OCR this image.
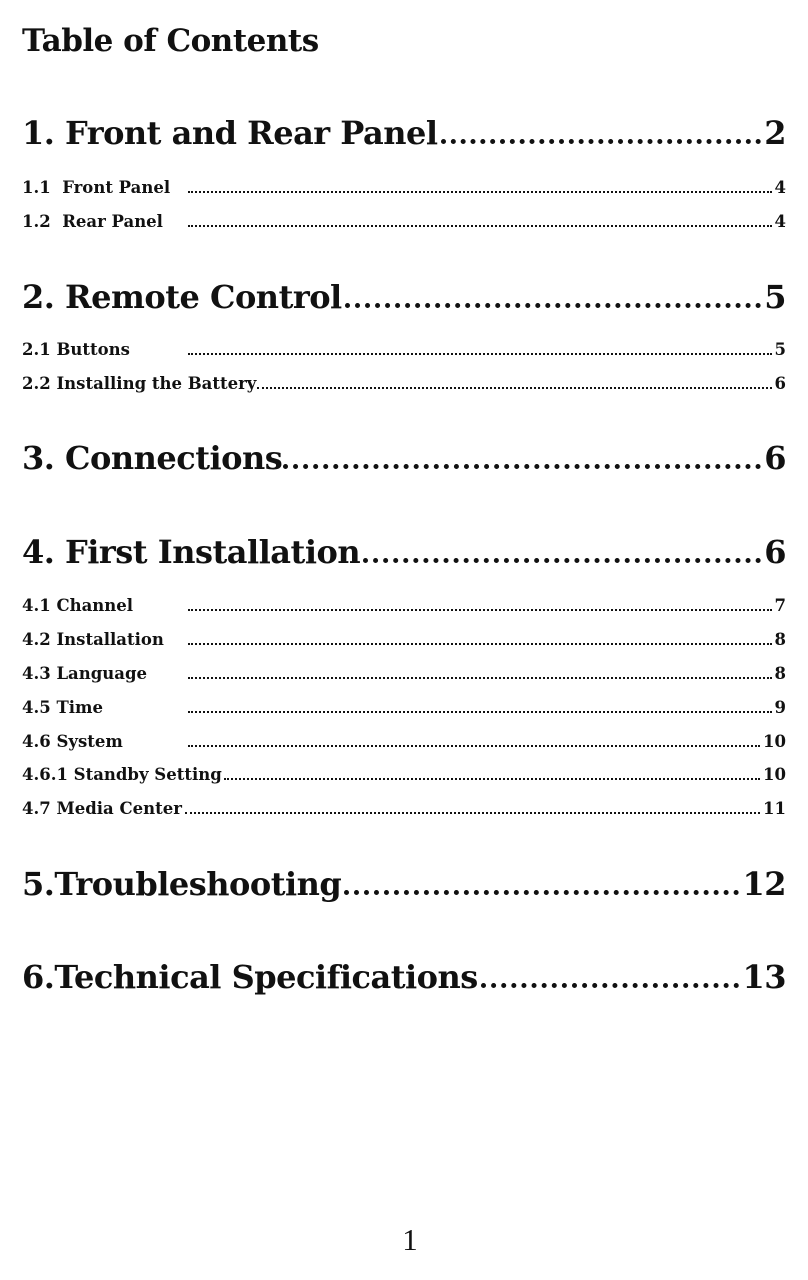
Table of Contents
1. Front and Rear Panel	2
1.1  Front Panel	4
1.2  Rear Panel	4
2. Remote Control	5
2.1 Buttons	5
2.2 Installing the Battery	6
3. Connections	6
4. First Installation	6
4.1 Channel	7
4.2 Installation	8
4.3 Language	8
4.5 Time	9
4.6 System	10
4.6.1 Standby Setting	10
4.7 Media Center	11
5.Troubleshooting	12
6.Technical Specifications	13
1
